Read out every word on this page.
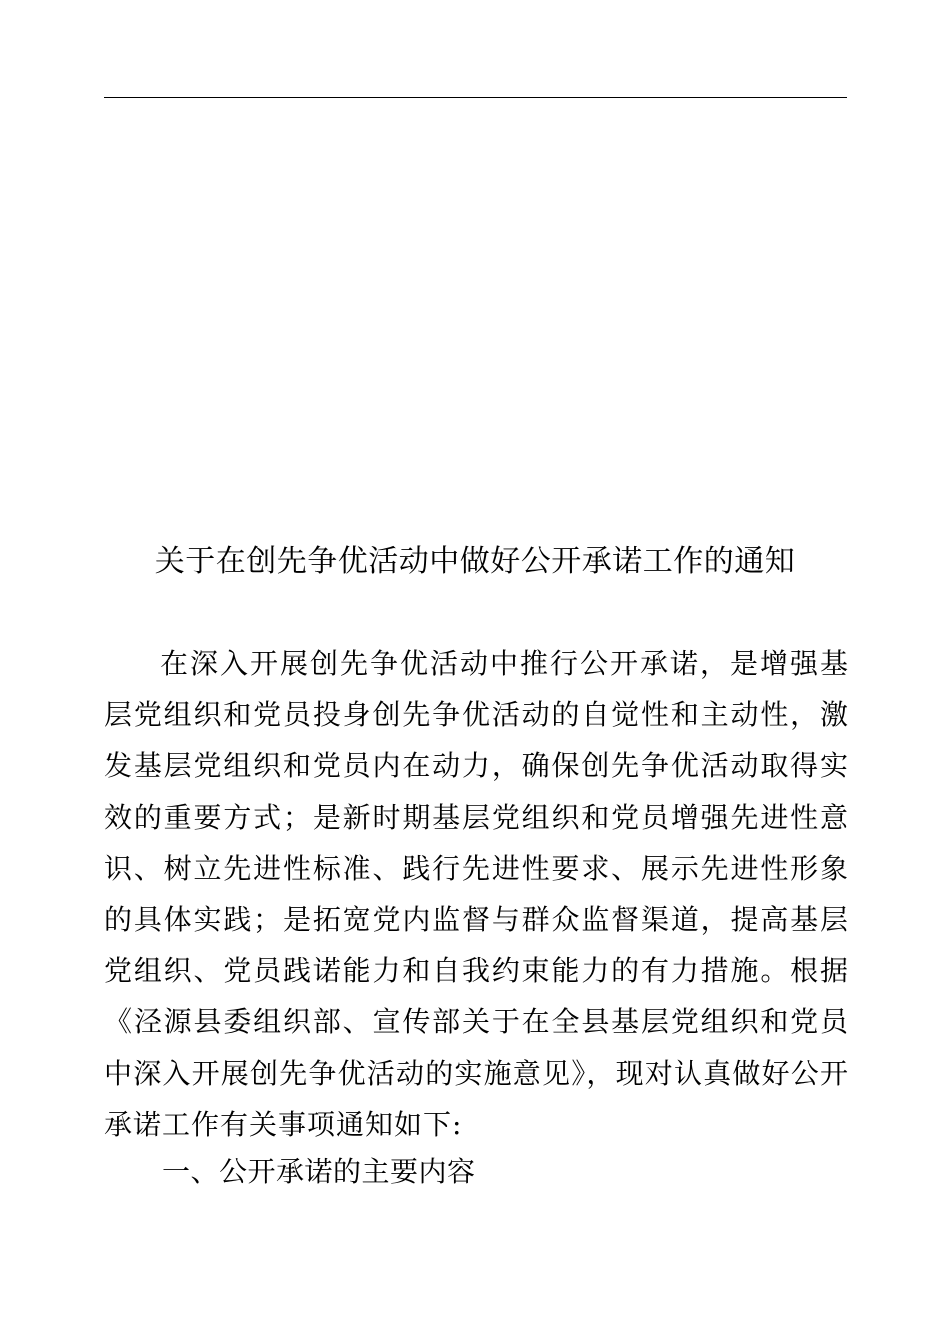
关于在创先争优活动中做好公开承诺工作的通知

在深入开展创先争优活动中推行公开承诺，是增强基层党组织和党员投身创先争优活动的自觉性和主动性，激发基层党组织和党员内在动力，确保创先争优活动取得实效的重要方式；是新时期基层党组织和党员增强先进性意识、树立先进性标准、践行先进性要求、展示先进性形象的具体实践；是拓宽党内监督与群众监督渠道，提高基层党组织、党员践诺能力和自我约束能力的有力措施。根据《泾源县委组织部、宣传部关于在全县基层党组织和党员中深入开展创先争优活动的实施意见》，现对认真做好公开承诺工作有关事项通知如下:

一、公开承诺的主要内容
